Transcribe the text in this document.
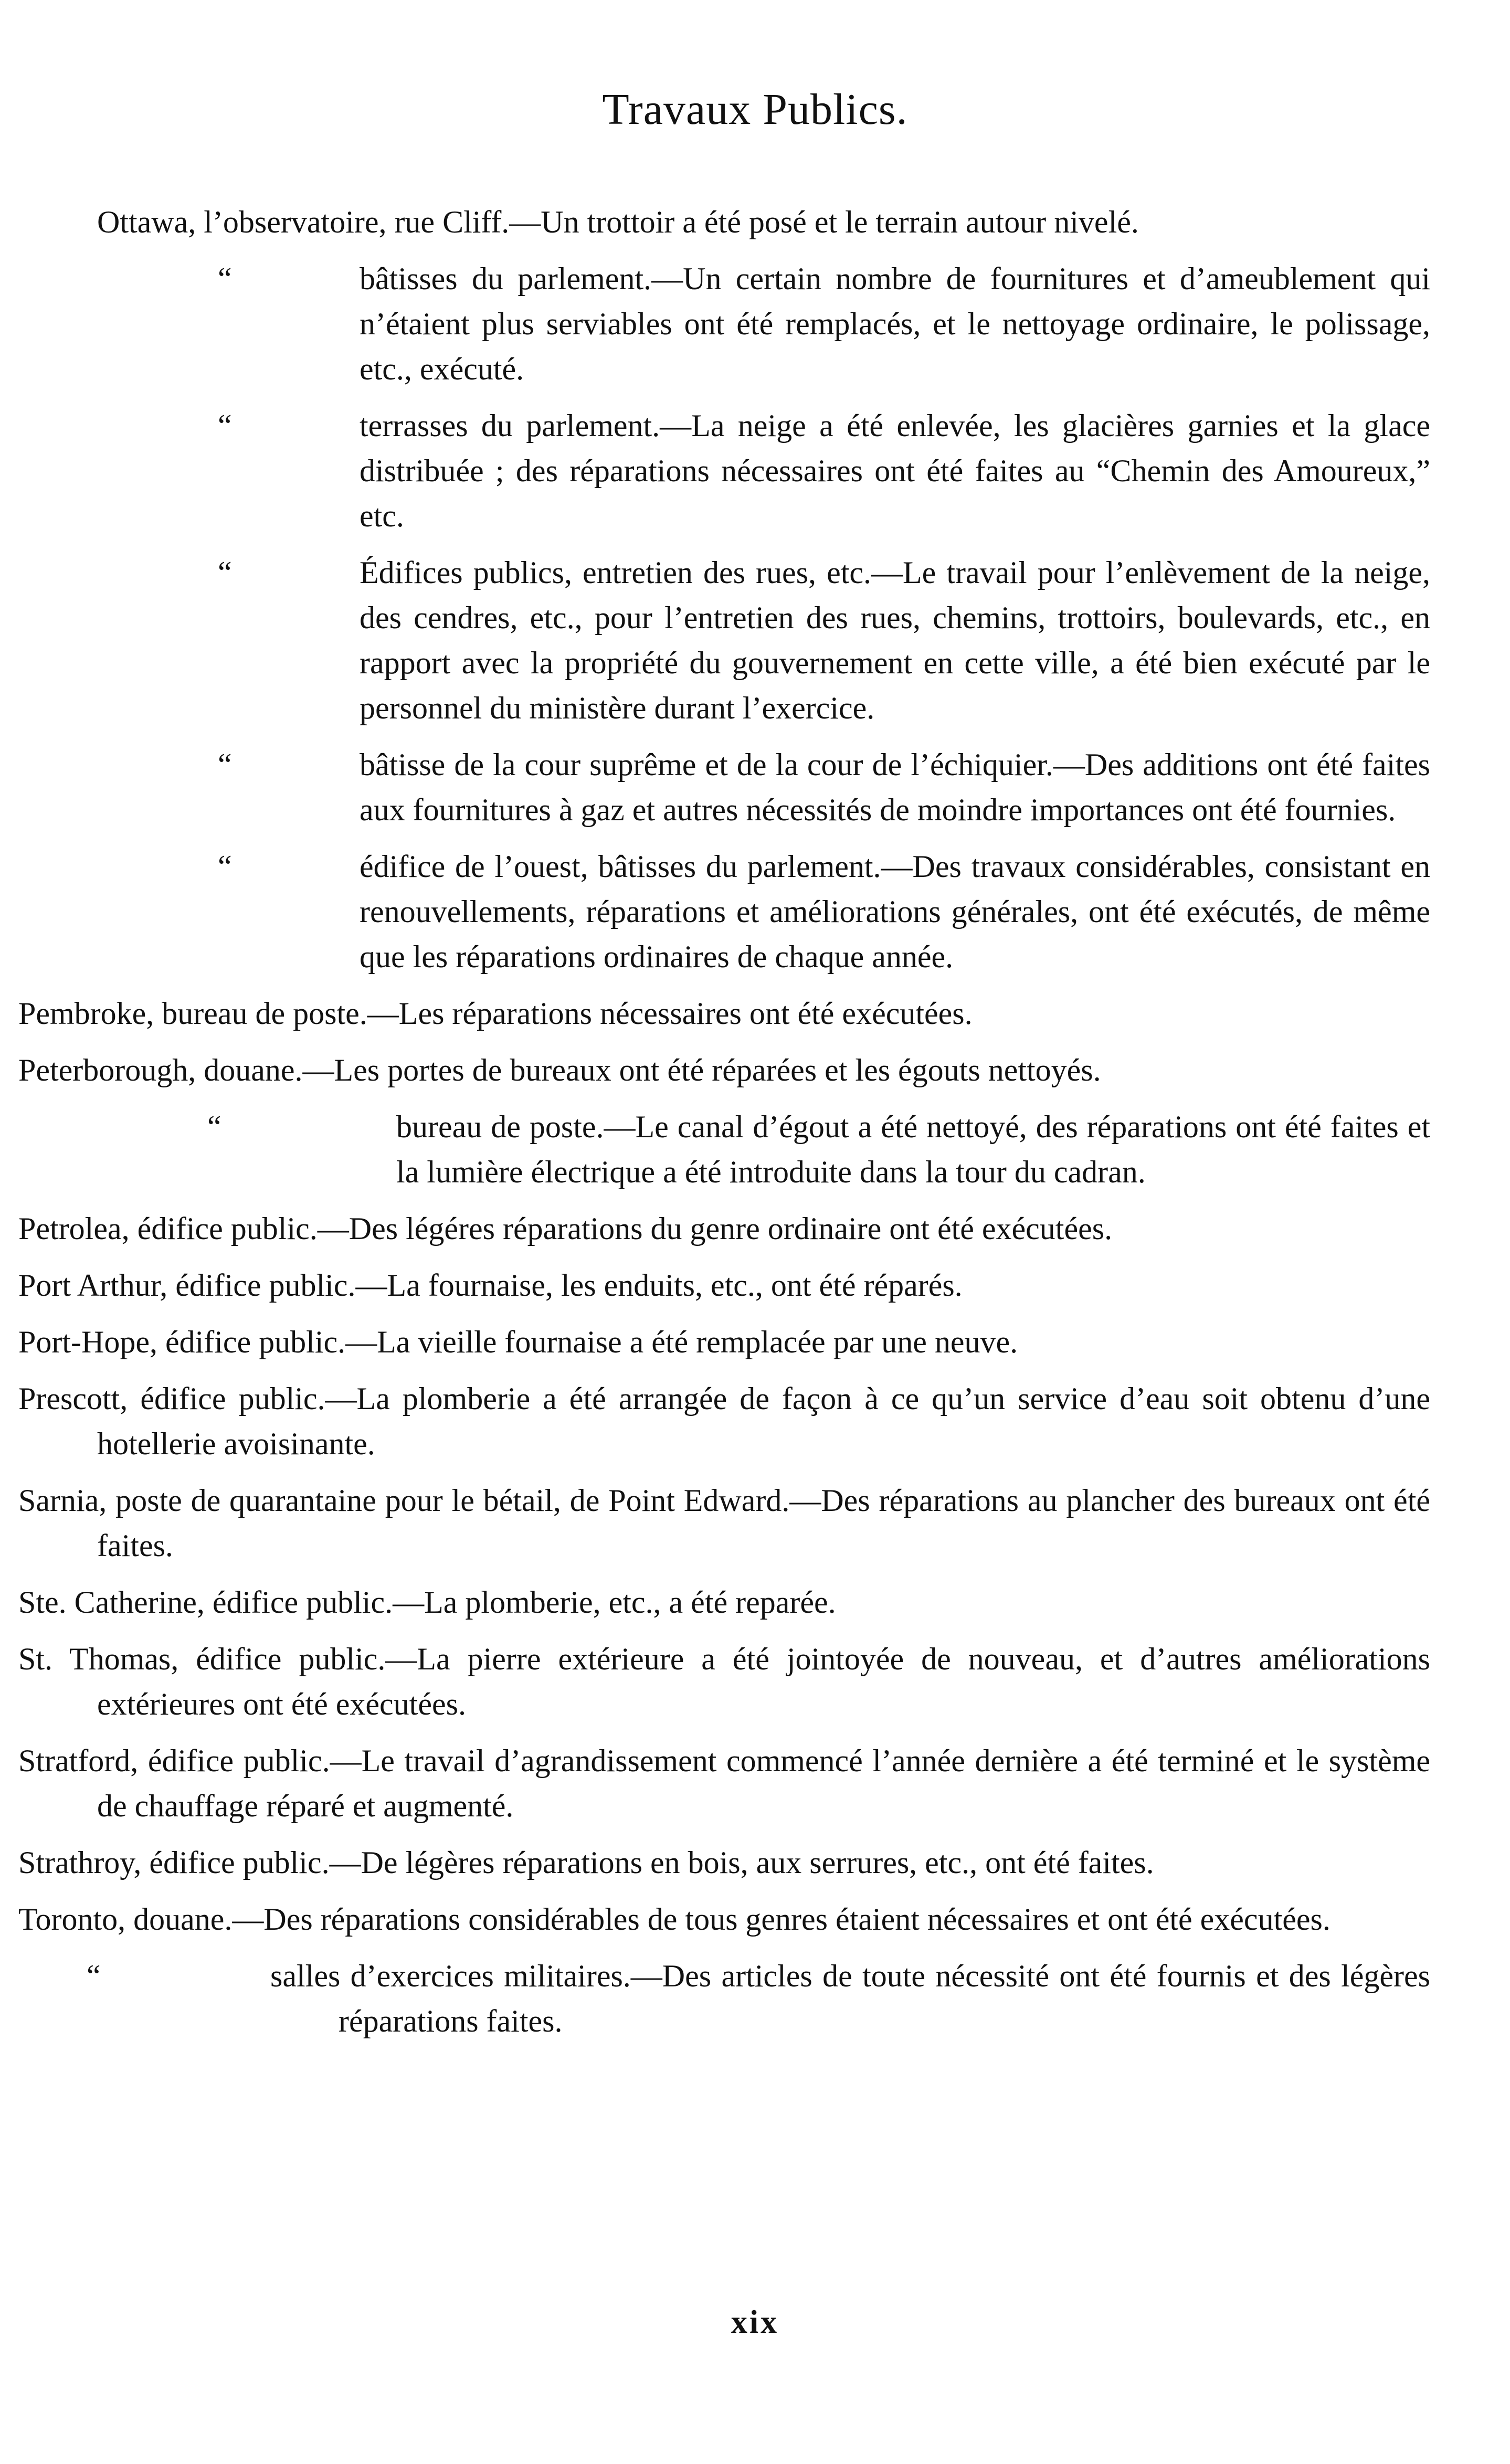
Travaux Publics.
Ottawa, l’observatoire, rue Cliff.—Un trottoir a été posé et le terrain autour nivelé.
“	bâtisses du parlement.—Un certain nombre de fournitures et d’ameublement qui n’étaient plus serviables ont été remplacés, et le nettoyage ordinaire, le polissage, etc., exécuté.
“	terrasses du parlement.—La neige a été enlevée, les glacières garnies et la glace distribuée ; des réparations nécessaires ont été faites au “Chemin des Amoureux,” etc.
“	Édifices publics, entretien des rues, etc.—Le travail pour l’enlèvement de la neige, des cendres, etc., pour l’entretien des rues, chemins, trottoirs, boulevards, etc., en rapport avec la propriété du gouvernement en cette ville, a été bien exécuté par le personnel du ministère durant l’exercice.
“	bâtisse de la cour suprême et de la cour de l’échiquier.—Des additions ont été faites aux fournitures à gaz et autres nécessités de moindre importances ont été fournies.
“	édifice de l’ouest, bâtisses du parlement.—Des travaux considérables, consistant en renouvellements, réparations et améliorations générales, ont été exécutés, de même que les réparations ordinaires de chaque année.
Pembroke, bureau de poste.—Les réparations nécessaires ont été exécutées.
Peterborough, douane.—Les portes de bureaux ont été réparées et les égouts nettoyés.
“	bureau de poste.—Le canal d’égout a été nettoyé, des réparations ont été faites et la lumière électrique a été introduite dans la tour du cadran.
Petrolea, édifice public.—Des légéres réparations du genre ordinaire ont été exécutées.
Port Arthur, édifice public.—La fournaise, les enduits, etc., ont été réparés.
Port-Hope, édifice public.—La vieille fournaise a été remplacée par une neuve.
Prescott, édifice public.—La plomberie a été arrangée de façon à ce qu’un service d’eau soit obtenu d’une hotellerie avoisinante.
Sarnia, poste de quarantaine pour le bétail, de Point Edward.—Des réparations au plancher des bureaux ont été faites.
Ste. Catherine, édifice public.—La plomberie, etc., a été reparée.
St. Thomas, édifice public.—La pierre extérieure a été jointoyée de nouveau, et d’autres améliorations extérieures ont été exécutées.
Stratford, édifice public.—Le travail d’agrandissement commencé l’année dernière a été terminé et le système de chauffage réparé et augmenté.
Strathroy, édifice public.—De légères réparations en bois, aux serrures, etc., ont été faites.
Toronto, douane.—Des réparations considérables de tous genres étaient nécessaires et ont été exécutées.
“	salles d’exercices militaires.—Des articles de toute nécessité ont été fournis et des légères réparations faites.
xix
